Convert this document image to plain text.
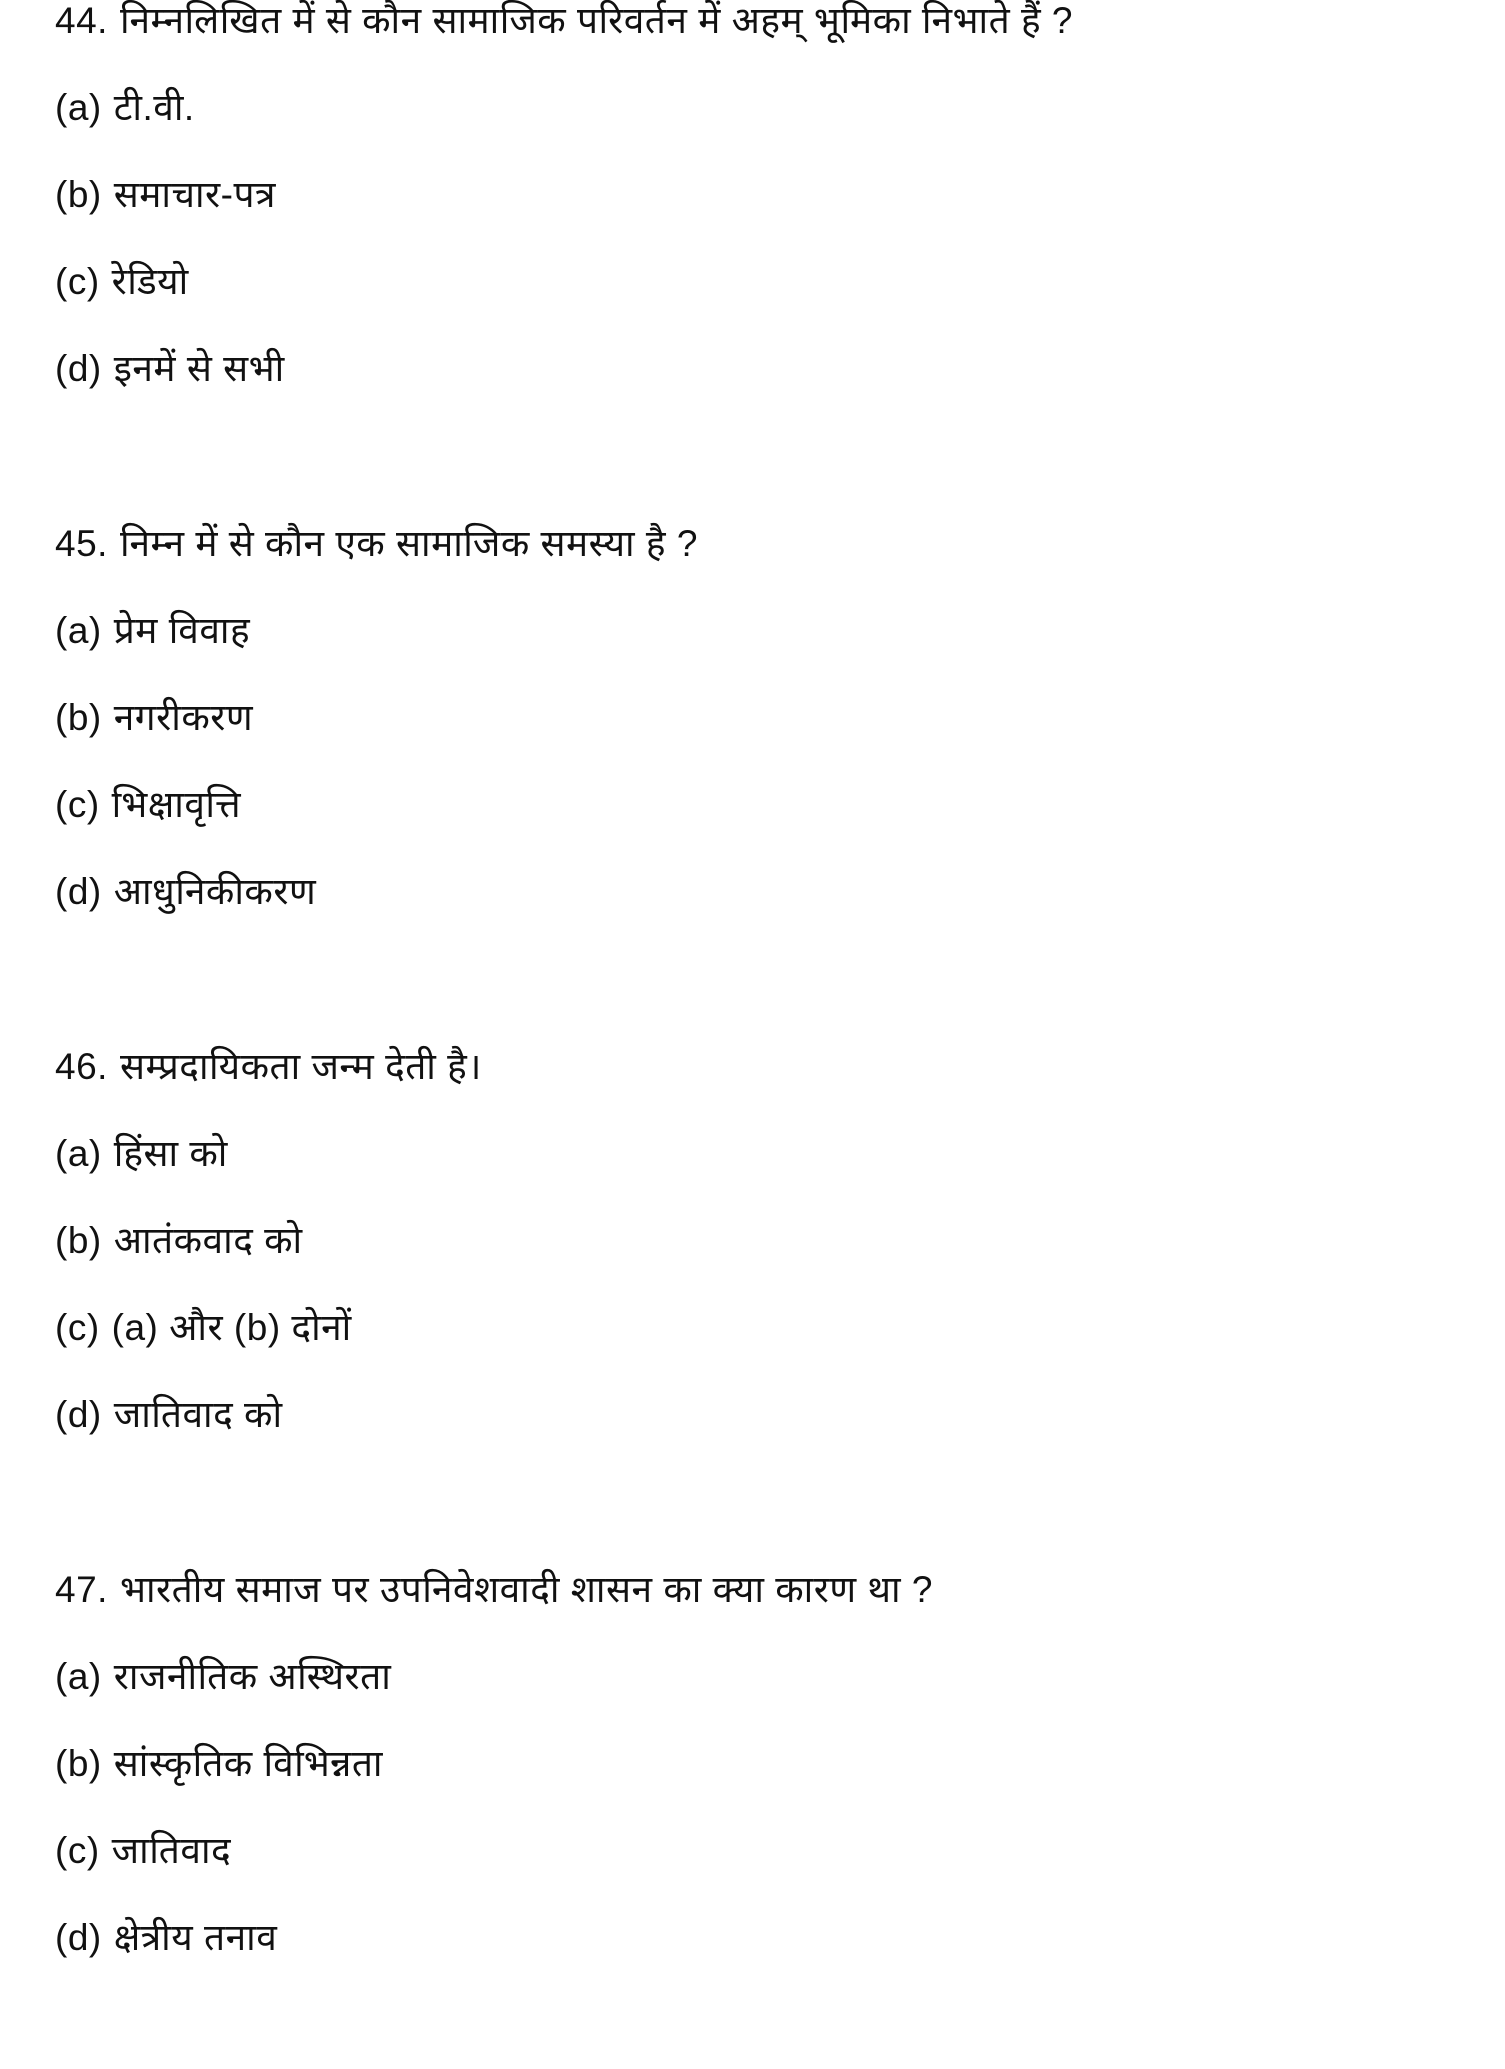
44. निम्नलिखित में से कौन सामाजिक परिवर्तन में अहम् भूमिका निभाते हैं ?
(a) टी.वी.
(b) समाचार-पत्र
(c) रेडियो
(d) इनमें से सभी
45. निम्न में से कौन एक सामाजिक समस्या है ?
(a) प्रेम विवाह
(b) नगरीकरण
(c) भिक्षावृत्ति
(d) आधुनिकीकरण
46. सम्प्रदायिकता जन्म देती है।
(a) हिंसा को
(b) आतंकवाद को
(c) (a) और (b) दोनों
(d) जातिवाद को
47. भारतीय समाज पर उपनिवेशवादी शासन का क्या कारण था ?
(a) राजनीतिक अस्थिरता
(b) सांस्कृतिक विभिन्नता
(c) जातिवाद
(d) क्षेत्रीय तनाव
